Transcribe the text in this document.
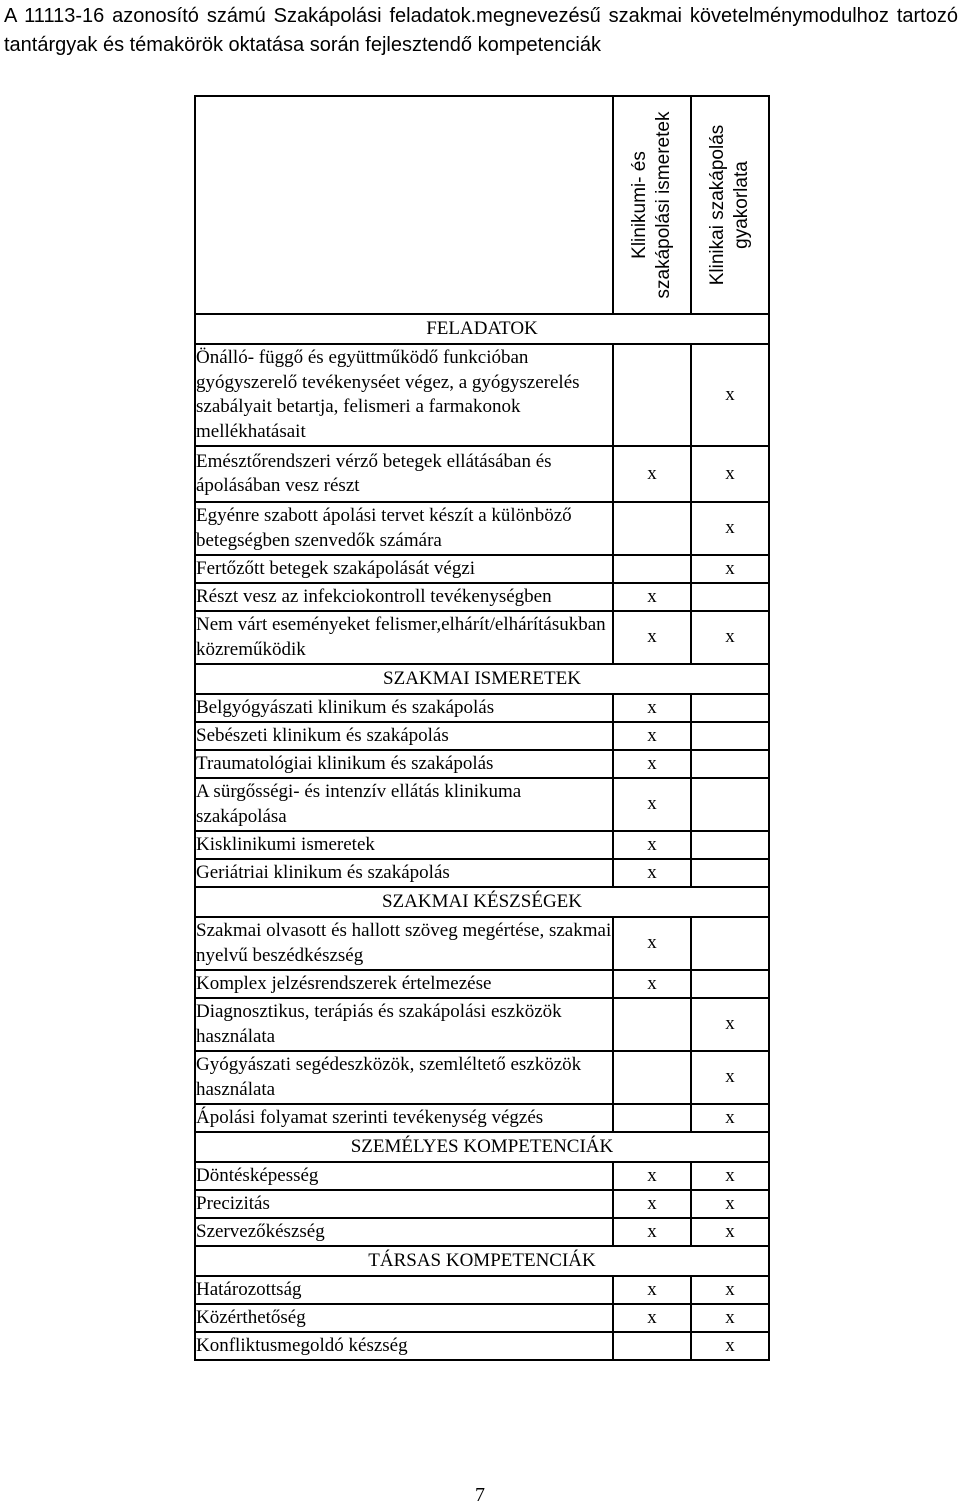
A 11113-16 azonosító számú Szakápolási feladatok.megnevezésű szakmai követelménymodulhoz tartozó tantárgyak és témakörök oktatása során fejlesztendő kompetenciák

	Klinikumi- és szakápolási ismeretek	Klinikai szakápolás gyakorlata

FELADATOK		
Önálló- függő és együttműködő funkcióban gyógyszerelő tevékenyséet végez, a gyógyszerelés szabályait betartja, felismeri a farmakonok mellékhatásait		x
Emésztőrendszeri vérző betegek ellátásában és ápolásában vesz részt	x	x
Egyénre szabott ápolási tervet készít a különböző betegségben szenvedők számára		x
Fertőzőtt betegek szakápolását végzi		x
Részt vesz az infekciokontroll tevékenységben	x	
Nem várt eseményeket felismer,elhárít/elhárításukban közreműködik	x	x
SZAKMAI ISMERETEK		
Belgyógyászati klinikum és szakápolás	x	
Sebészeti klinikum és szakápolás	x	
Traumatológiai klinikum és szakápolás	x	
A sürgősségi- és intenzív ellátás klinikuma szakápolása	x	
Kisklinikumi ismeretek	x	
Geriátriai klinikum és szakápolás	x	
SZAKMAI KÉSZSÉGEK		
Szakmai olvasott és hallott szöveg megértése, szakmai nyelvű beszédkészség	x	
Komplex jelzésrendszerek értelmezése	x	
Diagnosztikus, terápiás és szakápolási eszközök használata		x
Gyógyászati segédeszközök, szemléltető eszközök használata		x
Ápolási folyamat szerinti tevékenység végzés		x
SZEMÉLYES KOMPETENCIÁK		
Döntésképesség	x	x
Precizitás	x	x
Szervezőkészség	x	x
TÁRSAS KOMPETENCIÁK		
Határozottság	x	x
Közérthetőség	x	x
Konfliktusmegoldó készség		x
7
